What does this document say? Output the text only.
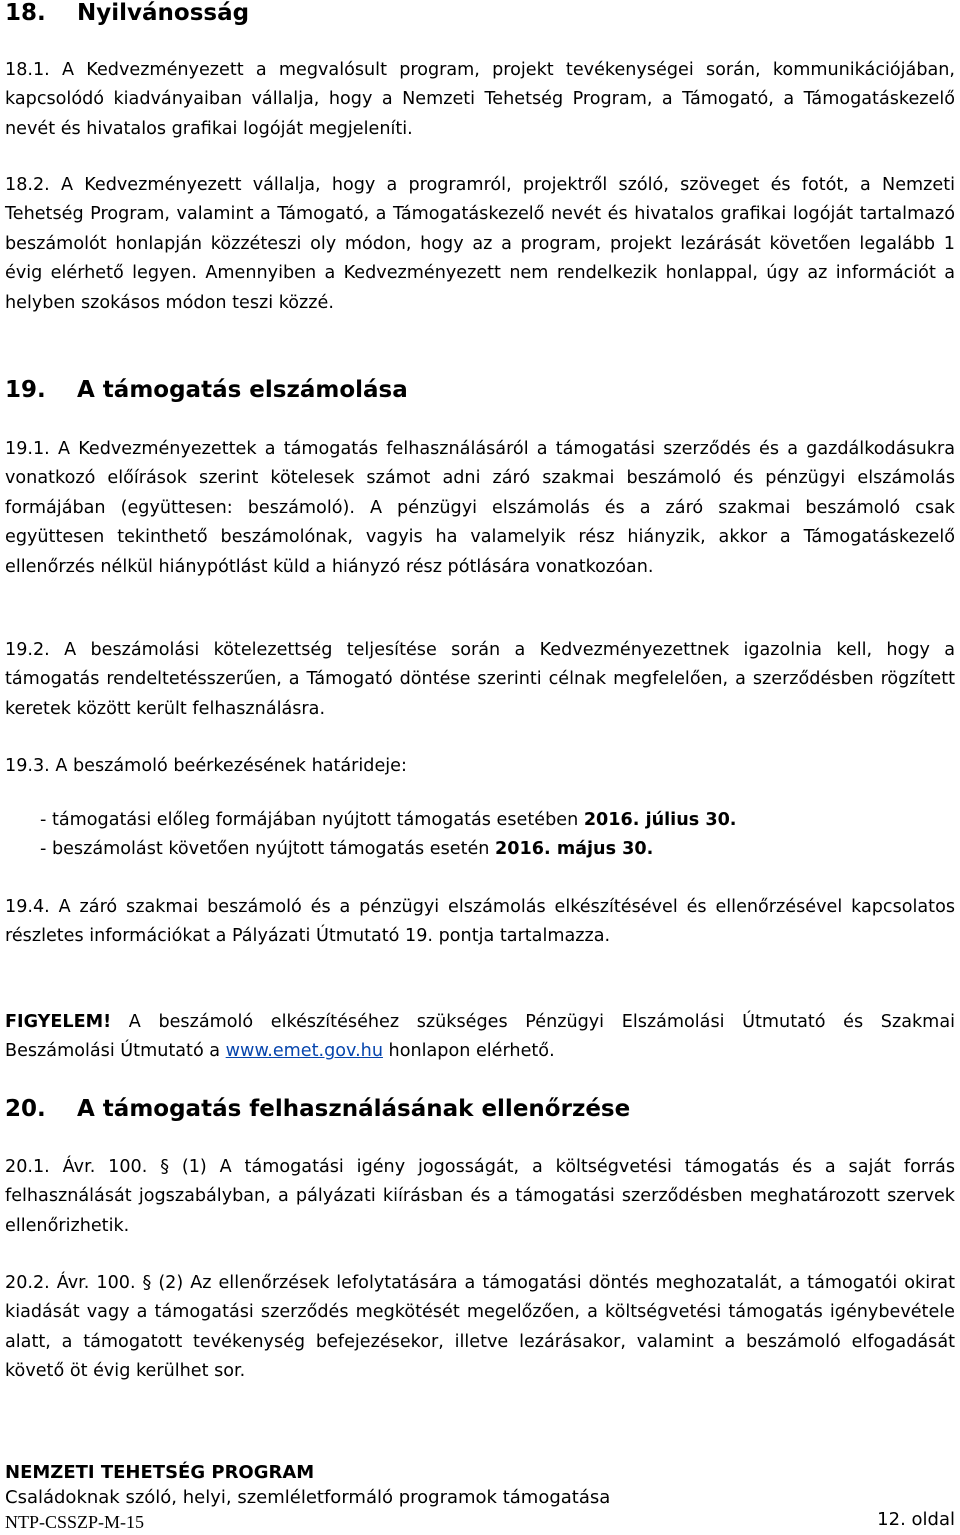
18. Nyilvánosság
18.1. A Kedvezményezett a megvalósult program, projekt tevékenységei során, kommunikációjában, kapcsolódó kiadványaiban vállalja, hogy a Nemzeti Tehetség Program, a Támogató, a Támogatáskezelő nevét és hivatalos grafikai logóját megjeleníti.
18.2. A Kedvezményezett vállalja, hogy a programról, projektről szóló, szöveget és fotót, a Nemzeti Tehetség Program, valamint a Támogató, a Támogatáskezelő nevét és hivatalos grafikai logóját tartalmazó beszámolót honlapján közzéteszi oly módon, hogy az a program, projekt lezárását követően legalább 1 évig elérhető legyen. Amennyiben a Kedvezményezett nem rendelkezik honlappal, úgy az információt a helyben szokásos módon teszi közzé.
19. A támogatás elszámolása
19.1. A Kedvezményezettek a támogatás felhasználásáról a támogatási szerződés és a gazdálkodásukra vonatkozó előírások szerint kötelesek számot adni záró szakmai beszámoló és pénzügyi elszámolás formájában (együttesen: beszámoló). A pénzügyi elszámolás és a záró szakmai beszámoló csak együttesen tekinthető beszámolónak, vagyis ha valamelyik rész hiányzik, akkor a Támogatáskezelő ellenőrzés nélkül hiánypótlást küld a hiányzó rész pótlására vonatkozóan.
19.2. A beszámolási kötelezettség teljesítése során a Kedvezményezettnek igazolnia kell, hogy a támogatás rendeltetésszerűen, a Támogató döntése szerinti célnak megfelelően, a szerződésben rögzített keretek között került felhasználásra.
19.3. A beszámoló beérkezésének határideje:
- támogatási előleg formájában nyújtott támogatás esetében 2016. július 30.
- beszámolást követően nyújtott támogatás esetén 2016. május 30.
19.4. A záró szakmai beszámoló és a pénzügyi elszámolás elkészítésével és ellenőrzésével kapcsolatos részletes információkat a Pályázati Útmutató 19. pontja tartalmazza.
FIGYELEM! A beszámoló elkészítéséhez szükséges Pénzügyi Elszámolási Útmutató és Szakmai Beszámolási Útmutató a www.emet.gov.hu honlapon elérhető.
20. A támogatás felhasználásának ellenőrzése
20.1. Ávr. 100. § (1) A támogatási igény jogosságát, a költségvetési támogatás és a saját forrás felhasználását jogszabályban, a pályázati kiírásban és a támogatási szerződésben meghatározott szervek ellenőrizhetik.
20.2. Ávr. 100. § (2) Az ellenőrzések lefolytatására a támogatási döntés meghozatalát, a támogatói okirat kiadását vagy a támogatási szerződés megkötését megelőzően, a költségvetési támogatás igénybevétele alatt, a támogatott tevékenység befejezésekor, illetve lezárásakor, valamint a beszámoló elfogadását követő öt évig kerülhet sor.
NEMZETI TEHETSÉG PROGRAM
Családoknak szóló, helyi, szemléletformáló programok támogatása
NTP-CSSZP-M-15	12. oldal
